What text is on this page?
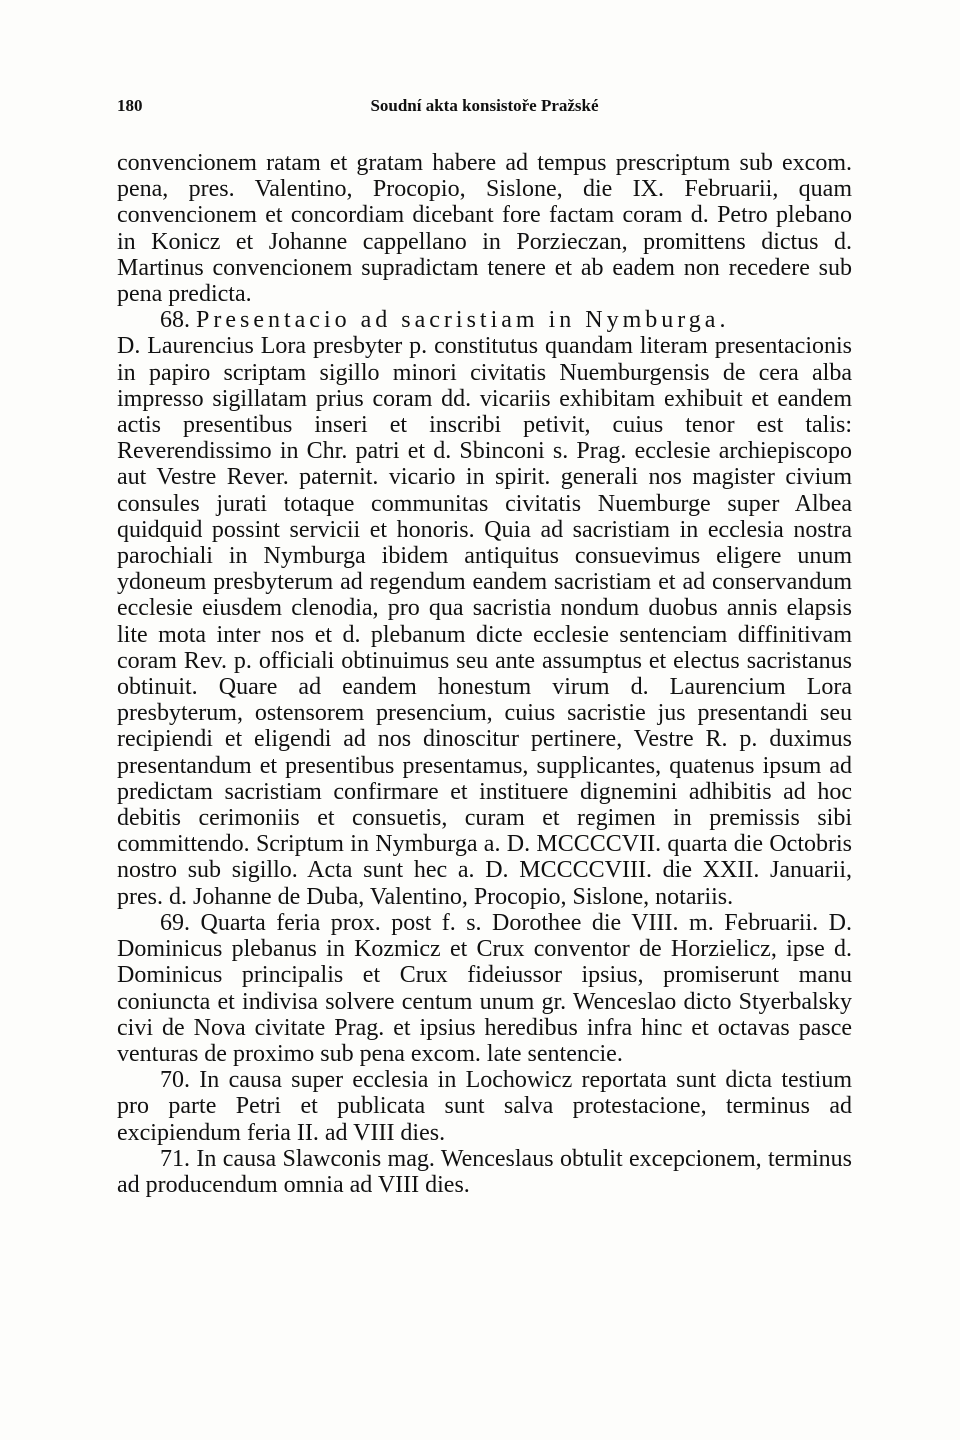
180	Soudní akta konsistoře Pražské

convencionem ratam et gratam habere ad tempus prescriptum sub excom. pena, pres. Valentino, Procopio, Sislone, die IX. Februarii, quam convencionem et concordiam dicebant fore factam coram d. Petro plebano in Konicz et Johanne cappellano in Porzieczan, promittens dictus d. Martinus convencionem supradictam tenere et ab eadem non recedere sub pena predicta.

68. Presentacio ad sacristiam in Nymburga.

D. Laurencius Lora presbyter p. constitutus quandam literam presentacionis in papiro scriptam sigillo minori civitatis Nuemburgensis de cera alba impresso sigillatam prius coram dd. vicariis exhibitam exhibuit et eandem actis presentibus inseri et inscribi petivit, cuius tenor est talis: Reverendissimo in Chr. patri et d. Sbinconi s. Prag. ecclesie archiepiscopo aut Vestre Rever. paternit. vicario in spirit. generali nos magister civium consules jurati totaque communitas civitatis Nuemburge super Albea quidquid possint servicii et honoris. Quia ad sacristiam in ecclesia nostra parochiali in Nymburga ibidem antiquitus consuevimus eligere unum ydoneum presbyterum ad regendum eandem sacristiam et ad conservandum ecclesie eiusdem clenodia, pro qua sacristia nondum duobus annis elapsis lite mota inter nos et d. plebanum dicte ecclesie sentenciam diffinitivam coram Rev. p. officiali obtinuimus seu ante assumptus et electus sacristanus obtinuit. Quare ad eandem honestum virum d. Laurencium Lora presbyterum, ostensorem presencium, cuius sacristie jus presentandi seu recipiendi et eligendi ad nos dinoscitur pertinere, Vestre R. p. duximus presentandum et presentibus presentamus, supplicantes, quatenus ipsum ad predictam sacristiam confirmare et instituere dignemini adhibitis ad hoc debitis cerimoniis et consuetis, curam et regimen in premissis sibi committendo. Scriptum in Nymburga a. D. MCCCCVII. quarta die Octobris nostro sub sigillo. Acta sunt hec a. D. MCCCCVIII. die XXII. Januarii, pres. d. Johanne de Duba, Valentino, Procopio, Sislone, notariis.

69. Quarta feria prox. post f. s. Dorothee die VIII. m. Februarii. D. Dominicus plebanus in Kozmicz et Crux conventor de Horzielicz, ipse d. Dominicus principalis et Crux fideiussor ipsius, promiserunt manu coniuncta et indivisa solvere centum unum gr. Wenceslao dicto Styerbalsky civi de Nova civitate Prag. et ipsius heredibus infra hinc et octavas pasce venturas de proximo sub pena excom. late sentencie.

70. In causa super ecclesia in Lochowicz reportata sunt dicta testium pro parte Petri et publicata sunt salva protestacione, terminus ad excipiendum feria II. ad VIII dies.

71. In causa Slawconis mag. Wenceslaus obtulit excepcionem, terminus ad producendum omnia ad VIII dies.
